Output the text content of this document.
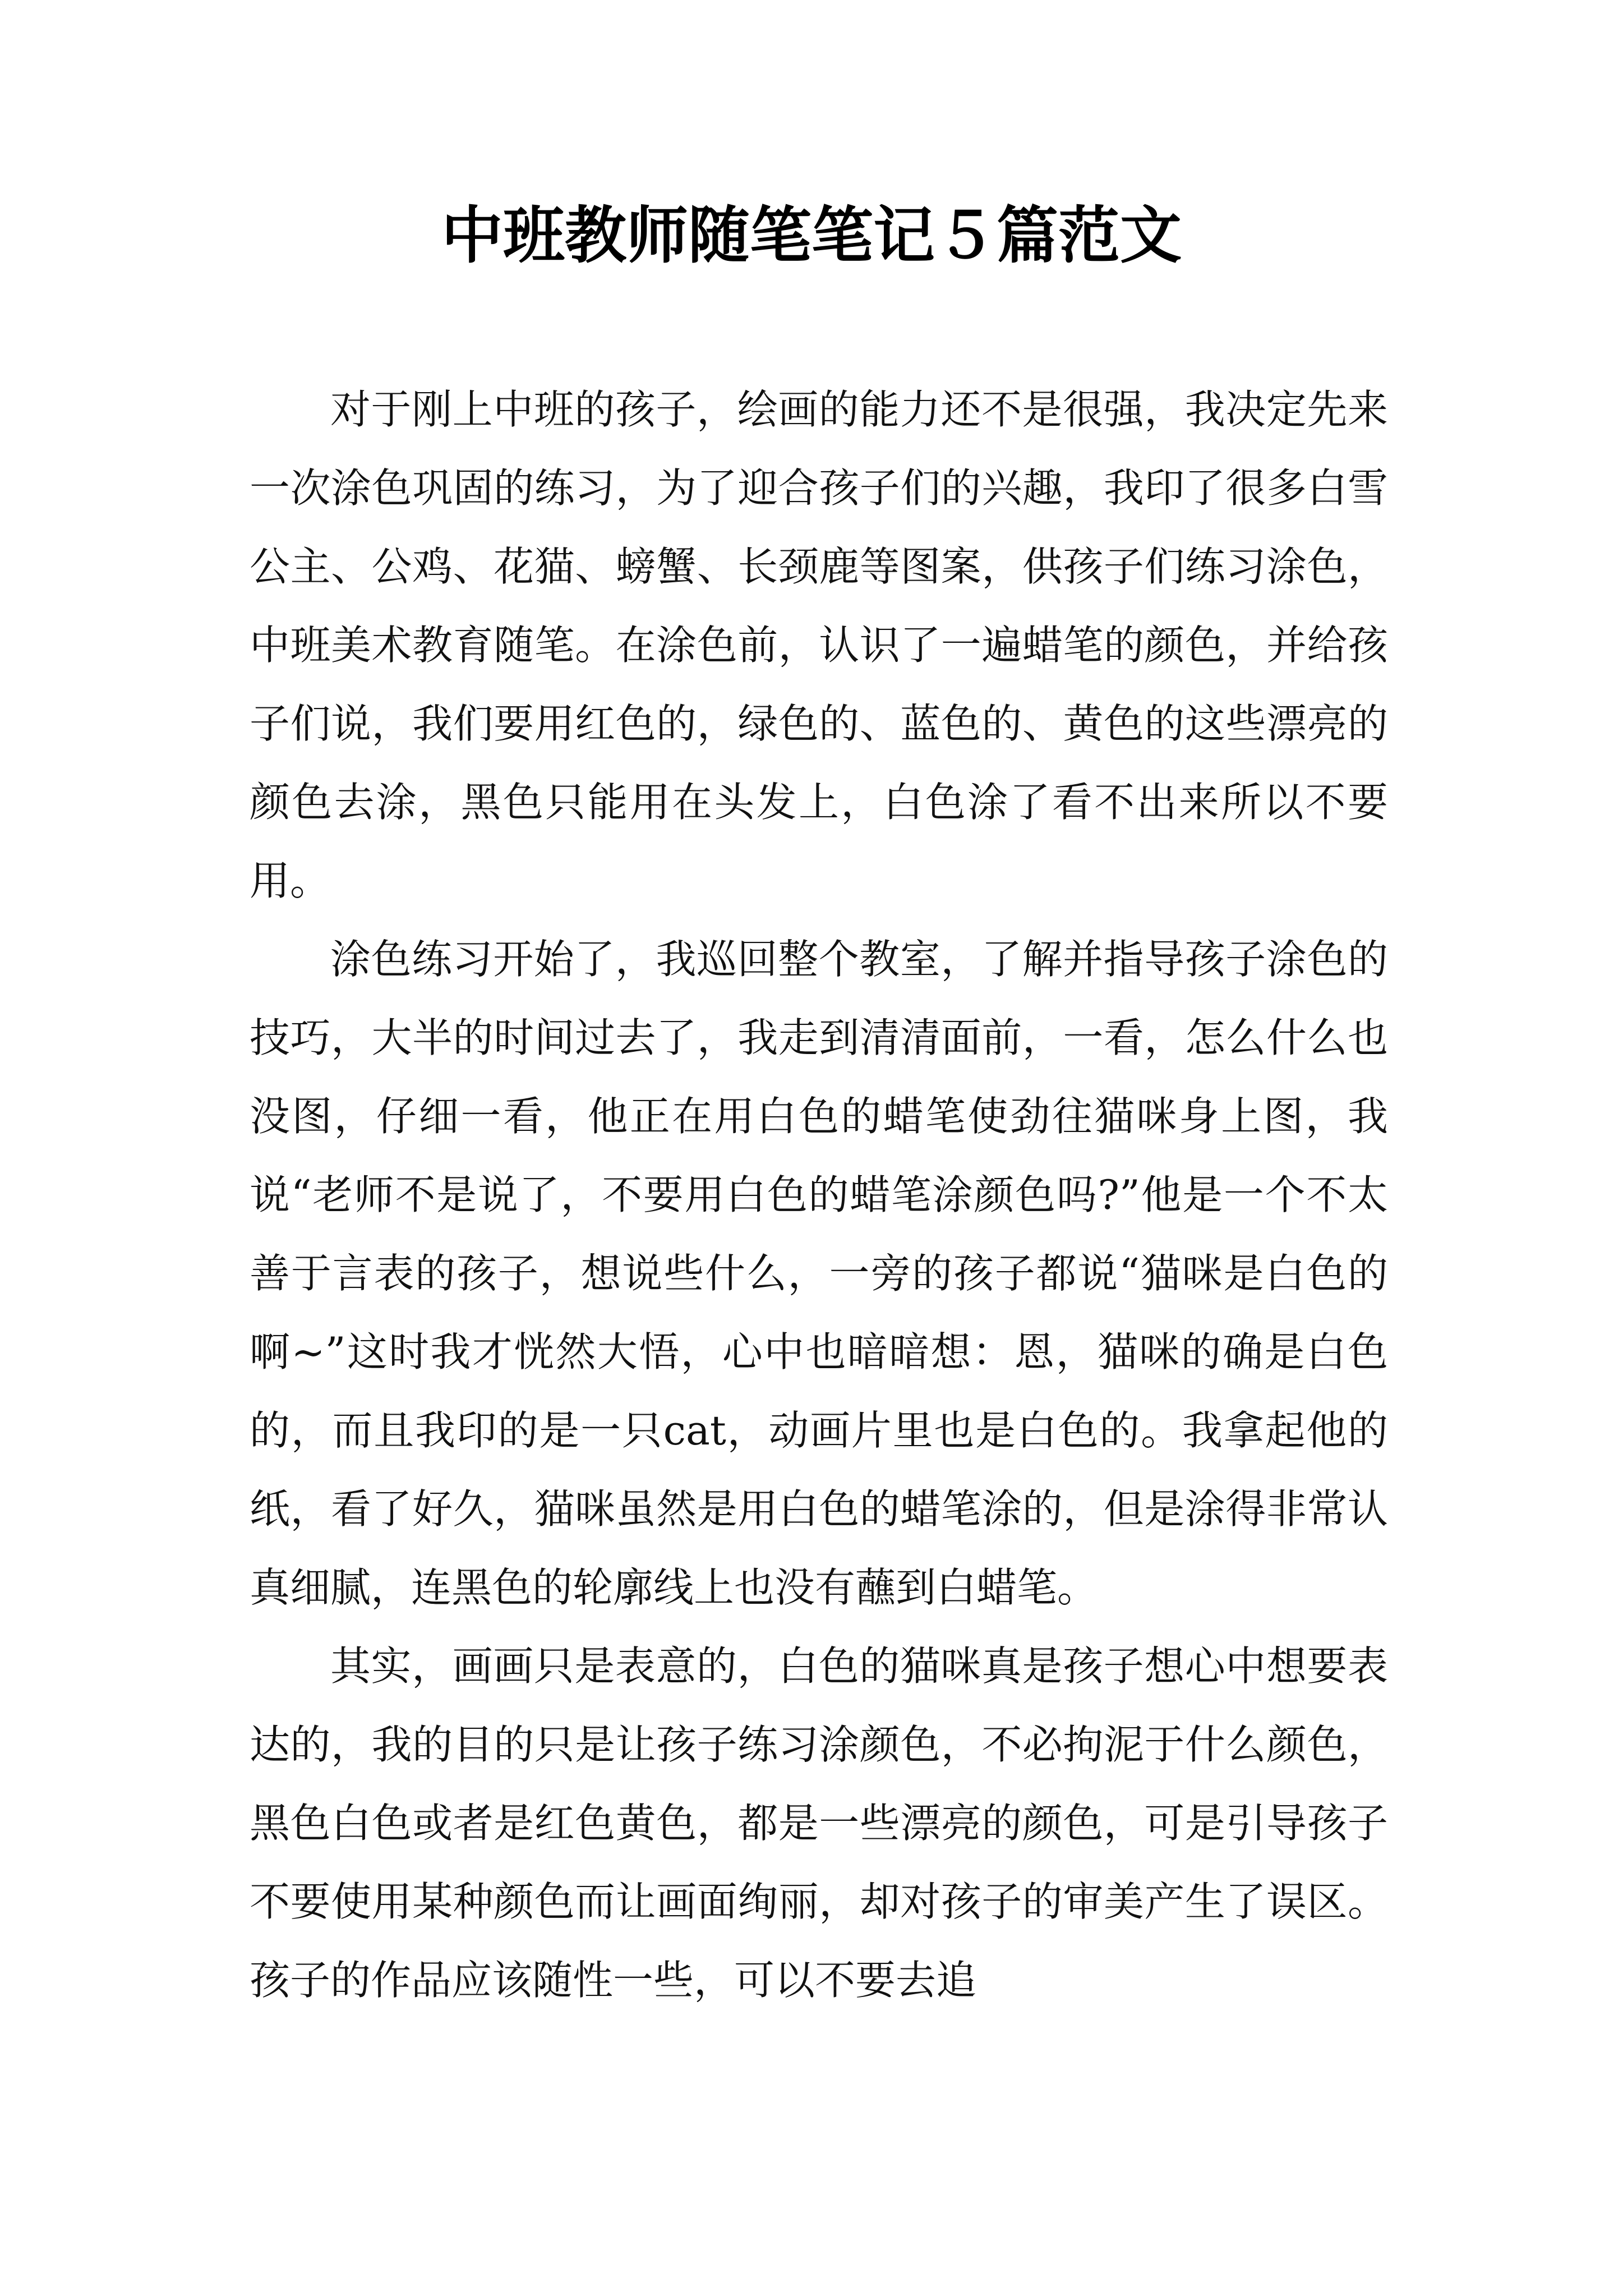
中班教师随笔笔记５篇范文

对于刚上中班的孩子，绘画的能力还不是很强，我决定先来一次涂色巩固的练习，为了迎合孩子们的兴趣，我印了很多白雪公主、公鸡、花猫、螃蟹、长颈鹿等图案，供孩子们练习涂色，中班美术教育随笔。在涂色前，认识了一遍蜡笔的颜色，并给孩子们说，我们要用红色的，绿色的、蓝色的、黄色的这些漂亮的颜色去涂，黑色只能用在头发上，白色涂了看不出来所以不要用。

涂色练习开始了，我巡回整个教室，了解并指导孩子涂色的技巧，大半的时间过去了，我走到清清面前，一看，怎么什么也没图，仔细一看，他正在用白色的蜡笔使劲往猫咪身上图，我说“老师不是说了，不要用白色的蜡笔涂颜色吗?”他是一个不太善于言表的孩子，想说些什么，一旁的孩子都说“猫咪是白色的啊~”这时我才恍然大悟，心中也暗暗想：恩，猫咪的确是白色的，而且我印的是一只cat，动画片里也是白色的。我拿起他的纸，看了好久，猫咪虽然是用白色的蜡笔涂的，但是涂得非常认真细腻，连黑色的轮廓线上也没有蘸到白蜡笔。

其实，画画只是表意的，白色的猫咪真是孩子想心中想要表达的，我的目的只是让孩子练习涂颜色，不必拘泥于什么颜色，黑色白色或者是红色黄色，都是一些漂亮的颜色，可是引导孩子不要使用某种颜色而让画面绚丽，却对孩子的审美产生了误区。孩子的作品应该随性一些，可以不要去追
